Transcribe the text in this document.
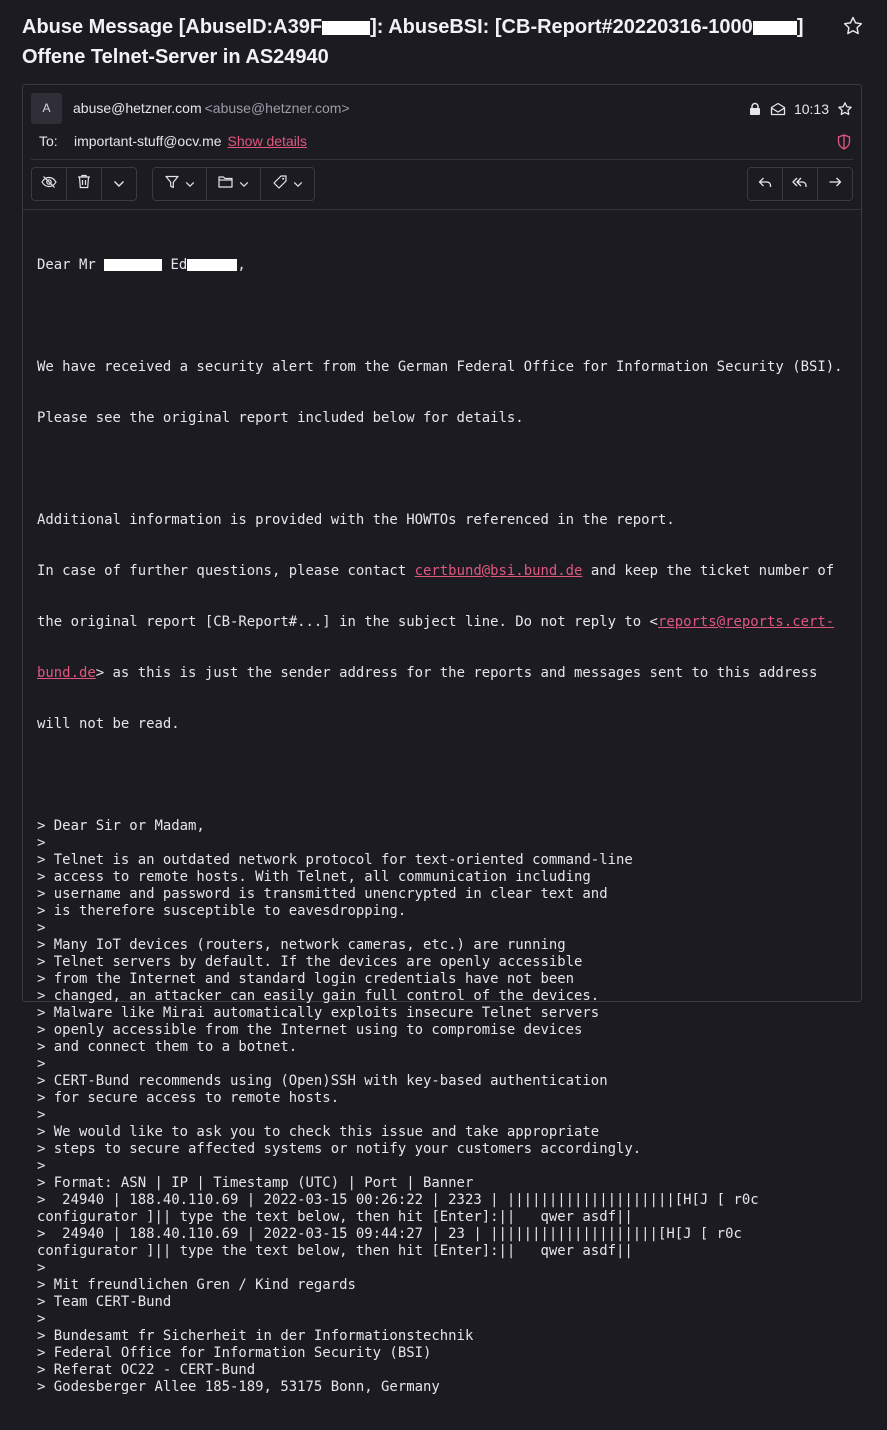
Abuse Message [AbuseID:A39F ]: AbuseBSI: [CB-Report#20220316-1000 ]
Offene Telnet-Server in AS24940
A	abuse@hetzner.com <abuse@hetzner.com>	10:13
To: important-stuff@ocv.me Show details

Dear Mr	Ed	,

We have received a security alert from the German Federal Office for Information Security (BSI).

Please see the original report included below for details.

Additional information is provided with the HOWTOs referenced in the report.

In case of further questions, please contact certbund@bsi.bund.de and keep the ticket number of

the original report [CB-Report#...] in the subject line. Do not reply to <reports@reports.cert-

bund.de> as this is just the sender address for the reports and messages sent to this address

will not be read.

> Dear Sir or Madam,

>

> Telnet is an outdated network protocol for text-oriented command-line

> access to remote hosts. With Telnet, all communication including

> username and password is transmitted unencrypted in clear text and

> is therefore susceptible to eavesdropping.

>

> Many IoT devices (routers, network cameras, etc.) are running

> Telnet servers by default. If the devices are openly accessible

> from the Internet and standard login credentials have not been

> changed, an attacker can easily gain full control of the devices.

> Malware like Mirai automatically exploits insecure Telnet servers

> openly accessible from the Internet using to compromise devices

> and connect them to a botnet.

>

> CERT-Bund recommends using (Open)SSH with key-based authentication

> for secure access to remote hosts.

>

> We would like to ask you to check this issue and take appropriate

> steps to secure affected systems or notify your customers accordingly.

>

> Format: ASN | IP | Timestamp (UTC) | Port | Banner

>  24940 | 188.40.110.69 | 2022-03-15 00:26:22 | 2323 | ||||||||||||||||||||[H[J [ r0c

configurator ]|| type the text below, then hit [Enter]:||   qwer asdf||

>  24940 | 188.40.110.69 | 2022-03-15 09:44:27 | 23 | ||||||||||||||||||||[H[J [ r0c

configurator ]|| type the text below, then hit [Enter]:||   qwer asdf||

>

> Mit freundlichen Gren / Kind regards

> Team CERT-Bund

>

> Bundesamt fr Sicherheit in der Informationstechnik

> Federal Office for Information Security (BSI)

> Referat OC22 - CERT-Bund

> Godesberger Allee 185-189, 53175 Bonn, Germany
